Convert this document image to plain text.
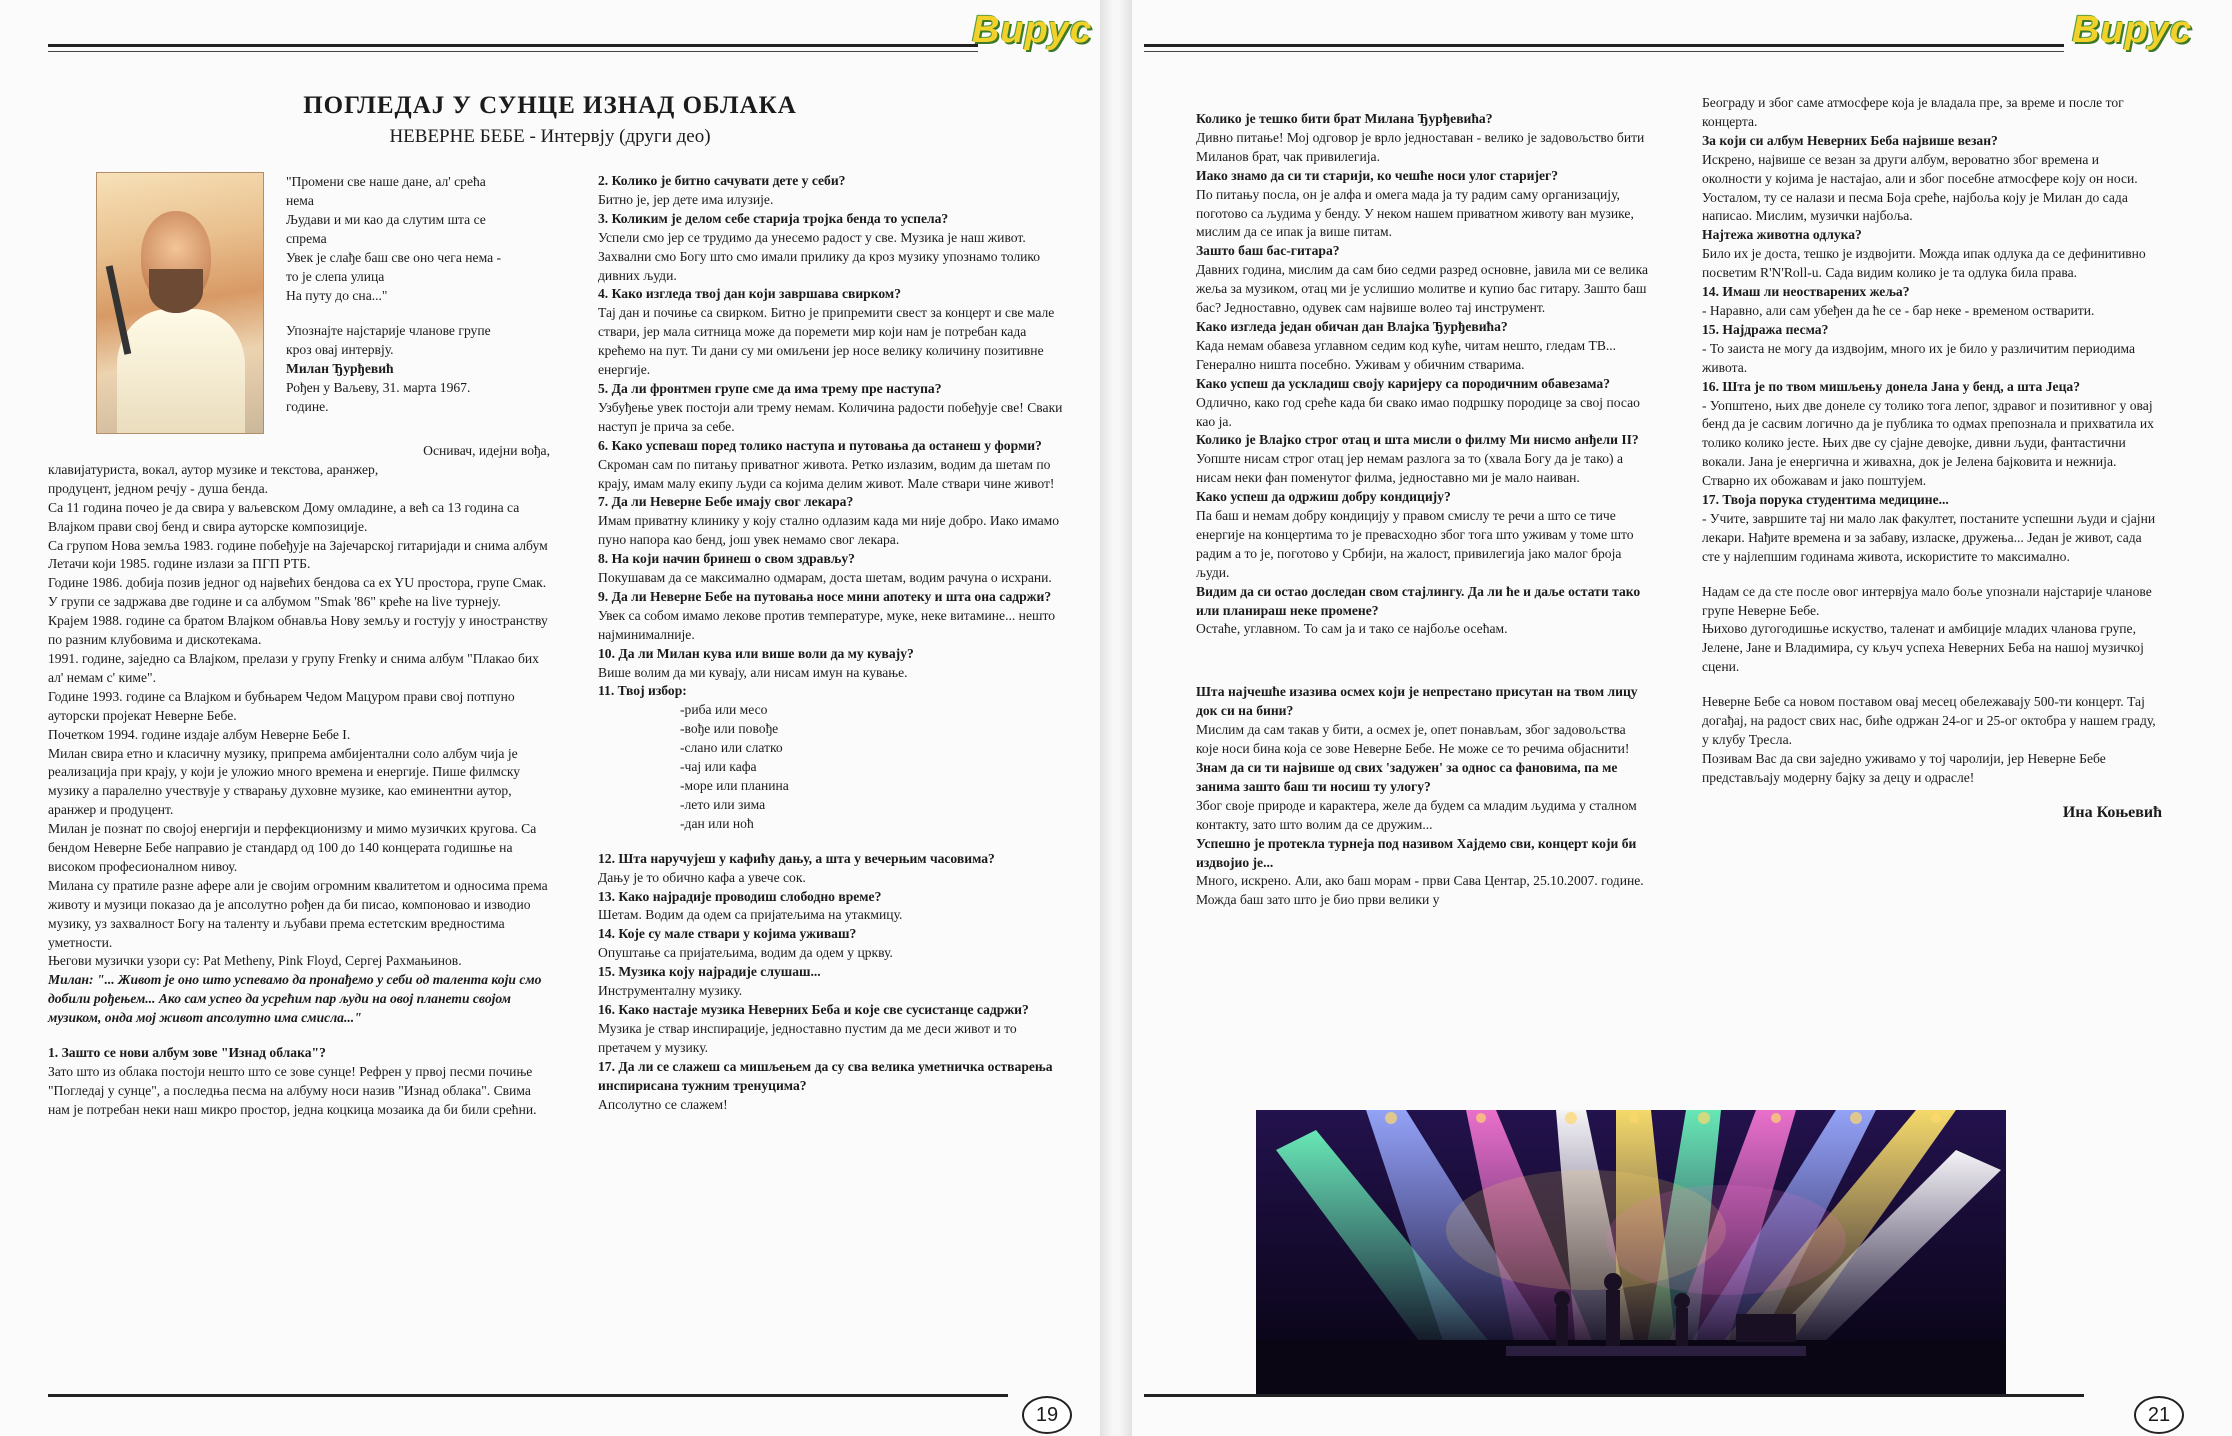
Вирус
ПОГЛЕДАЈ У СУНЦЕ ИЗНАД ОБЛАКА
НЕВЕРНЕ БЕБЕ - Интервју (други део)

"Промени све наше дане, ал' срећа

нема

Људави и ми као да слутим шта се

спрема

Увек је слађе баш све оно чега нема -

то је слепа улица

На путу до сна..."

Упознајте најстарије чланове групе

кроз овај интервју.

Милан Ђурђевић

Рођен у Ваљеву, 31. марта 1967.

године.

Оснивач, идејни вођа,

клавијатуриста, вокал, аутор музике и текстова, аранжер,

продуцент, једном речју - душа бенда.

Са 11 година почео је да свира у ваљевском Дому омладине, а већ са 13 година са Влајком прави свој бенд и свира ауторске композиције.

Са групом Нова земља 1983. године побеђује на Зајечарској гитаријади и снима албум Летачи који 1985. године излази за ПГП РТБ.

Године 1986. добија позив једног од највећих бендова са ex YU простора, групе Смак. У групи се задржава две године и са албумом "Smak '86" креће на live турнеју.

Крајем 1988. године са братом Влајком обнавља Нову земљу и гостују у иностранству по разним клубовима и дискотекама.

1991. године, заједно са Влајком, прелази у групу Frenky и снима албум "Плакао бих ал' немам с' киме".

Године 1993. године са Влајком и бубњарем Чедом Мацуром прави свој потпуно ауторски пројекат Неверне Бебе.

Почетком 1994. године издаје албум Неверне Бебе I.

Милан свира етно и класичну музику, припрема амбијентални соло албум чија је реализација при крају, у који је уложио много времена и енергије. Пише филмску музику а паралелно учествује у стварању духовне музике, као еминентни аутор, аранжер и продуцент.

Милан је познат по својој енергији и перфекционизму и мимо музичких кругова. Са бендом Неверне Бебе направио је стандард од 100 до 140 концерата годишње на високом професионалном нивоу.

Милана су пратиле разне афере али је својим огромним квалитетом и односима према животу и музици показао да је апсолутно рођен да би писао, компоновао и изводио музику, уз захвалност Богу на таленту и љубави према естетским вредностима уметности.

Његови музички узори су: Pat Metheny, Pink Floyd, Сергеј Рахмањинов.

Милан: "... Живот је оно што успевамо да пронађемо у себи од талента који смо добили рођењем... Ако сам успео да усрећим пар људи на овој планети својом музиком, онда мој живот апсолутно има смисла..."

1. Зашто се нови албум зове "Изнад облака"?

Зато што из облака постоји нешто што се зове сунце! Рефрен у првој песми почиње "Погледај у сунце", а последња песма на албуму носи назив "Изнад облака". Свима нам је потребан неки наш микро простор, једна коцкица мозаика да би били срећни.

2. Колико је битно сачувати дете у себи?

Битно је, јер дете има илузије.

3. Коликим је делом себе старија тројка бенда то успела?

Успели смо јер се трудимо да унесемо радост у све. Музика је наш живот. Захвални смо Богу што смо имали прилику да кроз музику упознамо толико дивних људи.

4. Како изгледа твој дан који завршава свирком?

Тај дан и почиње са свирком. Битно је припремити свест за концерт и све мале ствари, јер мала ситница може да поремети мир који нам је потребан када крећемо на пут. Ти дани су ми омиљени јер носе велику количину позитивне енергије.

5. Да ли фронтмен групе сме да има трему пре наступа?

Узбуђење увек постоји али трему немам. Количина радости побеђује све! Сваки наступ је прича за себе.

6. Како успеваш поред толико наступа и путовања да останеш у форми?

Скроман сам по питању приватног живота. Ретко излазим, водим да шетам по крају, имам малу екипу људи са којима делим живот. Мале ствари чине живот!

7. Да ли Неверне Бебе имају свог лекара?

Имам приватну клинику у коју стално одлазим када ми није добро. Иако имамо пуно напора као бенд, још увек немамо свог лекара.

8. На који начин бринеш о свом здрављу?

Покушавам да се максимално одмарам, доста шетам, водим рачуна о исхрани.

9. Да ли Неверне Бебе на путовања носе мини апотеку и шта она садржи?

Увек са собом имамо лекове против температуре, муке, неке витамине... нешто најминималније.

10. Да ли Милан кува или више воли да му кувају?

Више волим да ми кувају, али нисам имун на кување.

11. Твој избор:

-риба или месо

-вође или повође

-слано или слатко

-чај или кафа

-море или планина

-лето или зима

-дан или ноћ

12. Шта наручујеш у кафићу дању, а шта у вечерњим часовима?

Дању је то обично кафа а увече сок.

13. Како најрадије проводиш слободно време?

Шетам. Водим да одем са пријатељима на утакмицу.

14. Које су мале ствари у којима уживаш?

Опуштање са пријатељима, водим да одем у цркву.

15. Музика коју најрадије слушаш...

Инструменталну музику.

16. Како настаје музика Неверних Беба и које све сусистанце садржи?

Музика је ствар инспирације, једноставно пустим да ме деси живот и то претачем у музику.

17. Да ли се слажеш са мишљењем да су сва велика уметничка остварења инспирисана тужним тренуцима?

Апсолутно се слажем!

19
Вирус

Колико је тешко бити брат Милана Ђурђевића?

Дивно питање! Мој одговор је врло једноставан - велико је задовољство бити Миланов брат, чак привилегија.

Иако знамо да си ти старији, ко чешће носи улог старијег?

По питању посла, он је алфа и омега мада ја ту радим саму организацију, поготово са људима у бенду. У неком нашем приватном животу ван музике, мислим да се ипак ја више питам.

Зашто баш бас-гитара?

Давних година, мислим да сам био седми разред основне, јавила ми се велика жеља за музиком, отац ми је услишио молитве и купио бас гитару. Зашто баш бас? Једноставно, одувек сам највише волео тај инструмент.

Како изгледа један обичан дан Влајка Ђурђевића?

Када немам обавеза углавном седим код куће, читам нешто, гледам ТВ... Генерално ништа посебно. Уживам у обичним стварима.

Како успеш да ускладиш своју каријеру са породичним обавезама?

Одлично, како год среће када би свако имао подршку породице за свој посао као ја.

Колико је Влајко строг отац и шта мисли о филму Ми нисмо анђели II?

Уопште нисам строг отац јер немам разлога за то (хвала Богу да је тако) а нисам неки фан поменутог филма, једноставно ми је мало наиван.

Како успеш да одржиш добру кондицију?

Па баш и немам добру кондицију у правом смислу те речи а што се тиче енергије на концертима то је превасходно због тога што уживам у томе што радим а то је, поготово у Србији, на жалост, привилегија јако малог броја људи.

Видим да си остао доследан свом стајлингу. Да ли ће и даље остати тако или планираш неке промене?

Остаће, углавном. То сам ја и тако се најбоље осећам.

Шта најчешће изазива осмех који је непрестано присутан на твом лицу док си на бини?

Мислим да сам такав у бити, а осмех је, опет понављам, због задовољства које носи бина која се зове Неверне Бебе. Не може се то речима објаснити!

Знам да си ти највише од свих 'задужен' за однос са фановима, па ме занима зашто баш ти носиш ту улогу?

Због своје природе и карактера, желе да будем са младим људима у сталном контакту, зато што волим да се дружим...

Успешно је протекла турнеја под називом Хајдемо сви, концерт који би издвојио је...

Много, искрено. Али, ако баш морам - први Сава Центар, 25.10.2007. године. Можда баш зато што је био први велики у

Београду и због саме атмосфере која је владала пре, за време и после тог концерта.

За који си албум Неверних Беба највише везан?

Искрено, највише се везан за други албум, вероватно због времена и околности у којима је настајао, али и због посебне атмосфере коју он носи. Уосталом, ту се налази и песма Боја среће, најбоља коју је Милан до сада написао. Мислим, музички најбоља.

Најтежа животна одлука?

Било их је доста, тешко је издвојити. Можда ипак одлука да се дефинитивно посветим R'N'Roll-u. Сада видим колико је та одлука била права.

14. Имаш ли неостварених жеља?

- Наравно, али сам убеђен да ће се - бар неке - временом остварити.

15. Најдража песма?

- То заиста не могу да издвојим, много их је било у различитим периодима живота.

16. Шта је по твом мишљењу донела Јана у бенд, а шта Јеца?

- Уопштено, њих две донеле су толико тога лепог, здравог и позитивног у овај бенд да је сасвим логично да је публика то одмах препознала и прихватила их толико колико јесте. Њих две су сјајне девојке, дивни људи, фантастични вокали. Јана је енергична и живахна, док је Јелена бајковита и нежнија. Стварно их обожавам и јако поштујем.

17. Твоја порука студентима медицине...

- Учите, завршите тај ни мало лак факултет, постаните успешни људи и сјајни лекари. Нађите времена и за забаву, изласке, дружења... Један је живот, сада сте у најлепшим годинама живота, искористите то максимално.

Надам се да сте после овог интервјуа мало боље упознали најстарије чланове групе Неверне Бебе.

Њихово дугогодишње искуство, таленат и амбиције младих чланова групе, Јелене, Јане и Владимира, су кључ успеха Неверних Беба на нашој музичкој сцени.

Неверне Бебе са новом поставом овај месец обележавају 500-ти концерт. Тај догађај, на радост свих нас, биће одржан 24-ог и 25-ог октобра у нашем граду, у клубу Тресла.

Позивам Вас да сви заједно уживамо у тој чаролији, јер Неверне Бебе представљају модерну бајку за децу и одрасле!

Ина Коњевић

21
